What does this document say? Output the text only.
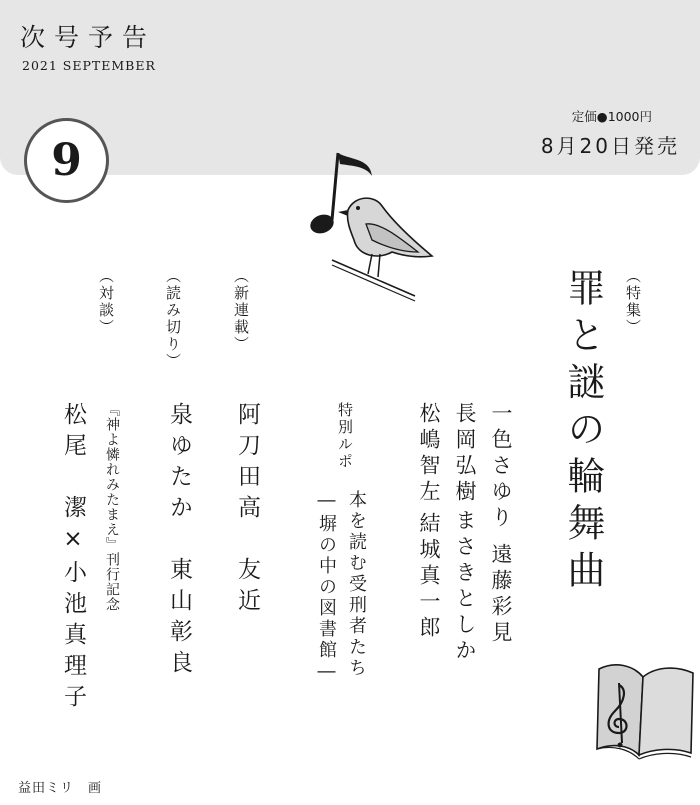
次号予告
2021 SEPTEMBER
定価●1000円
8月20日発売
9
（特集）
罪と謎の輪舞曲
一色さゆり
遠藤彩見
長岡弘樹
まさきとしか
松嶋智左
結城真一郎
特別ルポ
本を読む受刑者たち
―塀の中の図書館―
（新連載）
阿刀田高
友近
（読み切り）
泉ゆたか
東山彰良
（対談）
『神よ憐れみたまえ』刊行記念
松尾　潔×小池真理子
益田ミリ　画
